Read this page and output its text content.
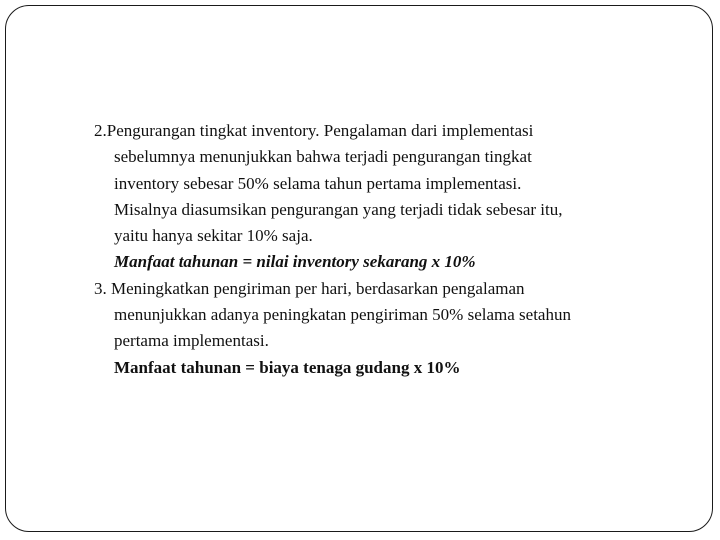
2.Pengurangan tingkat inventory. Pengalaman dari implementasi
sebelumnya menunjukkan bahwa terjadi pengurangan tingkat
inventory sebesar 50% selama tahun pertama implementasi.
Misalnya diasumsikan pengurangan yang terjadi tidak sebesar itu,
yaitu hanya sekitar 10% saja.
Manfaat tahunan = nilai inventory sekarang x 10%
3. Meningkatkan pengiriman per hari, berdasarkan pengalaman
menunjukkan adanya peningkatan pengiriman 50% selama setahun
pertama implementasi.
Manfaat tahunan = biaya tenaga gudang x 10%
